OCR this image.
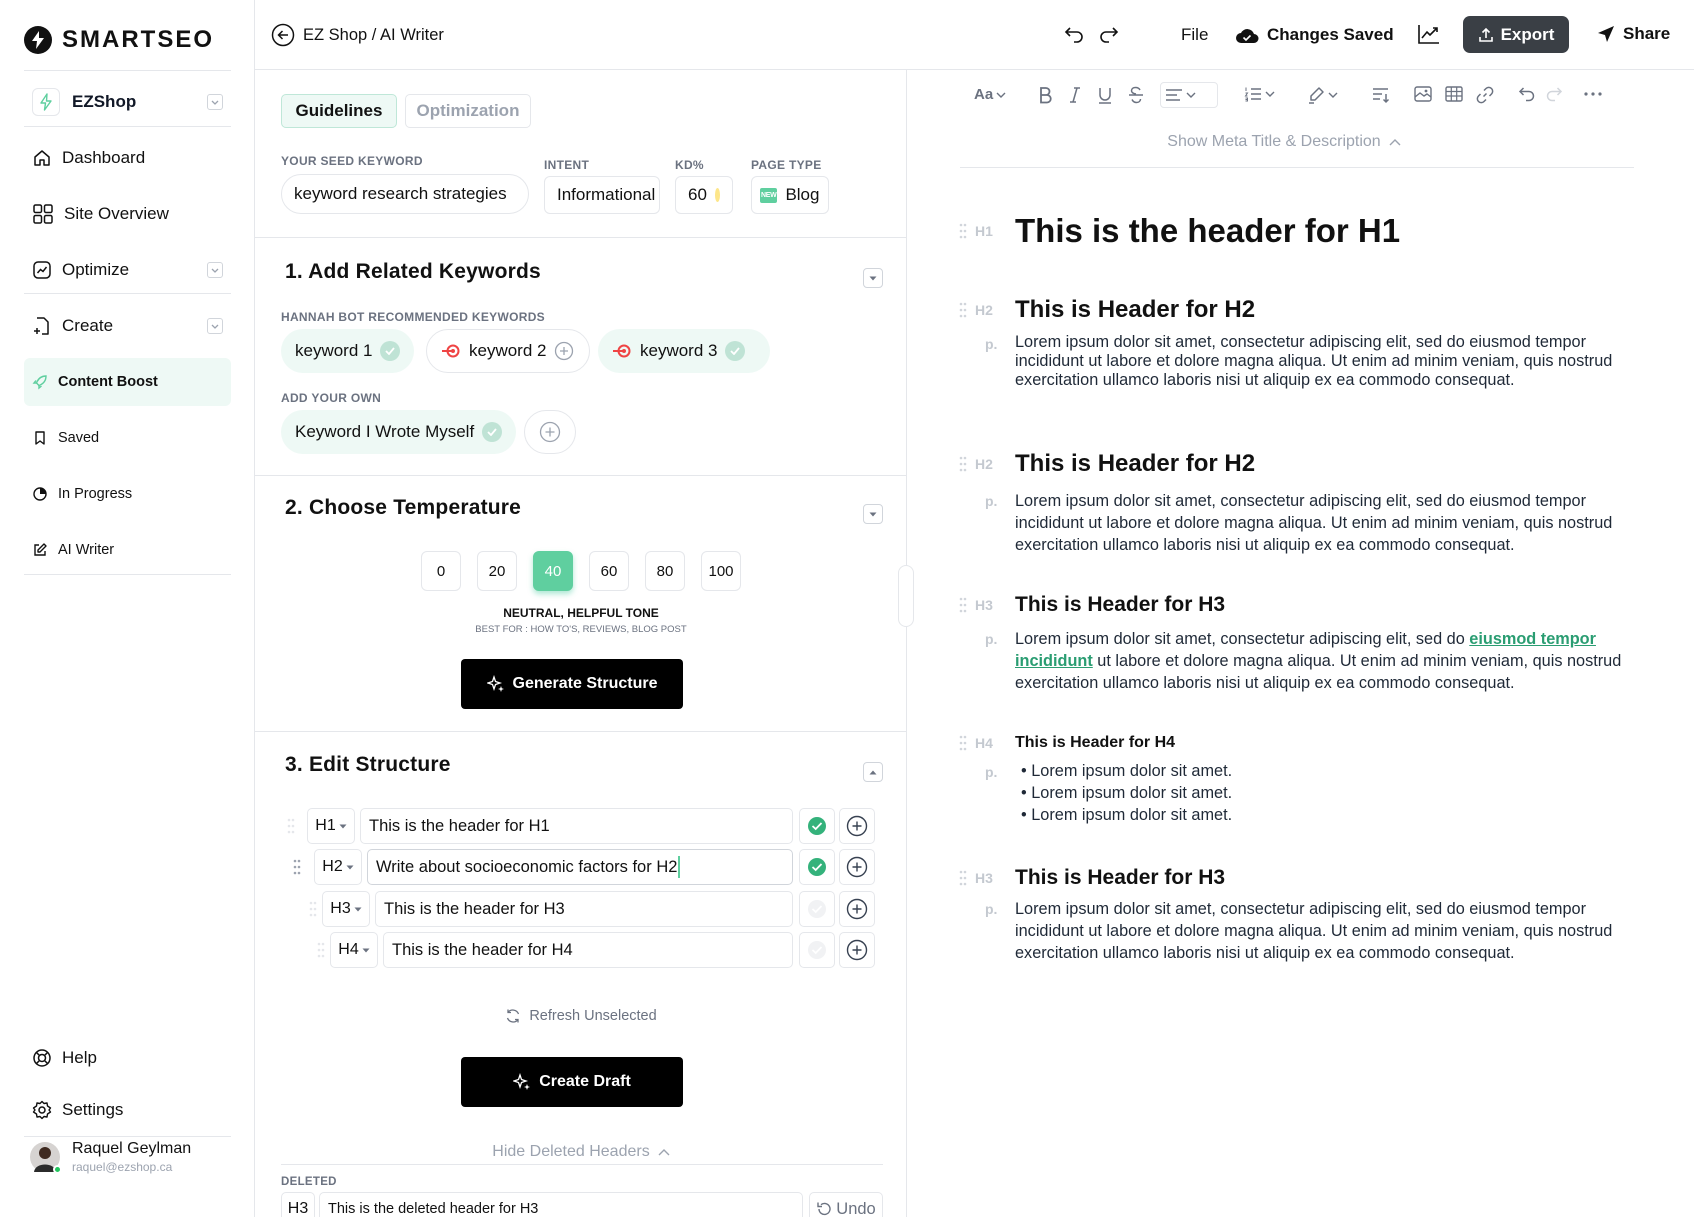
SMARTSEO
EZShop
Dashboard
Site Overview
Optimize
Create
Content Boost
Saved
In Progress
AI Writer
Help
Settings
Raquel Geylman
raquel@ezshop.ca
EZ Shop / AI Writer	File	Changes Saved	Export	Share
Guidelines	Optimization
YOUR SEED KEYWORD
keyword research strategies
INTENT
Informational
KD%
60
PAGE TYPE
NEW Blog
1. Add Related Keywords
HANNAH BOT RECOMMENDED KEYWORDS
keyword 1	keyword 2	keyword 3
ADD YOUR OWN
Keyword I Wrote Myself
2. Choose Temperature
0	20	40	60	80	100
NEUTRAL, HELPFUL TONE
BEST FOR : HOW TO'S, REVIEWS, BLOG POST
Generate Structure
3. Edit Structure
H1	This is the header for H1
H2 Write about socioeconomic factors for H2
H3	This is the header for H3
H4	This is the header for H4
Refresh Unselected
Create Draft
Hide Deleted Headers
DELETED
H3	This is the deleted header for H3	Undo
Aa
Show Meta Title & Description
H1 This is the header for H1
H2 This is Header for H2
p. Lorem ipsum dolor sit amet, consectetur adipiscing elit, sed do eiusmod tempor incididunt ut labore et dolore magna aliqua. Ut enim ad minim veniam, quis nostrud exercitation ullamco laboris nisi ut aliquip ex ea commodo consequat.
H2 This is Header for H2
p. Lorem ipsum dolor sit amet, consectetur adipiscing elit, sed do eiusmod tempor incididunt ut labore et dolore magna aliqua. Ut enim ad minim veniam, quis nostrud exercitation ullamco laboris nisi ut aliquip ex ea commodo consequat.
H3 This is Header for H3
p. Lorem ipsum dolor sit amet, consectetur adipiscing elit, sed do eiusmod tempor incididunt ut labore et dolore magna aliqua. Ut enim ad minim veniam, quis nostrud exercitation ullamco laboris nisi ut aliquip ex ea commodo consequat.
H4 This is Header for H4
p. • Lorem ipsum dolor sit amet.
• Lorem ipsum dolor sit amet.
• Lorem ipsum dolor sit amet.
H3 This is Header for H3
p. Lorem ipsum dolor sit amet, consectetur adipiscing elit, sed do eiusmod tempor incididunt ut labore et dolore magna aliqua. Ut enim ad minim veniam, quis nostrud exercitation ullamco laboris nisi ut aliquip ex ea commodo consequat.
